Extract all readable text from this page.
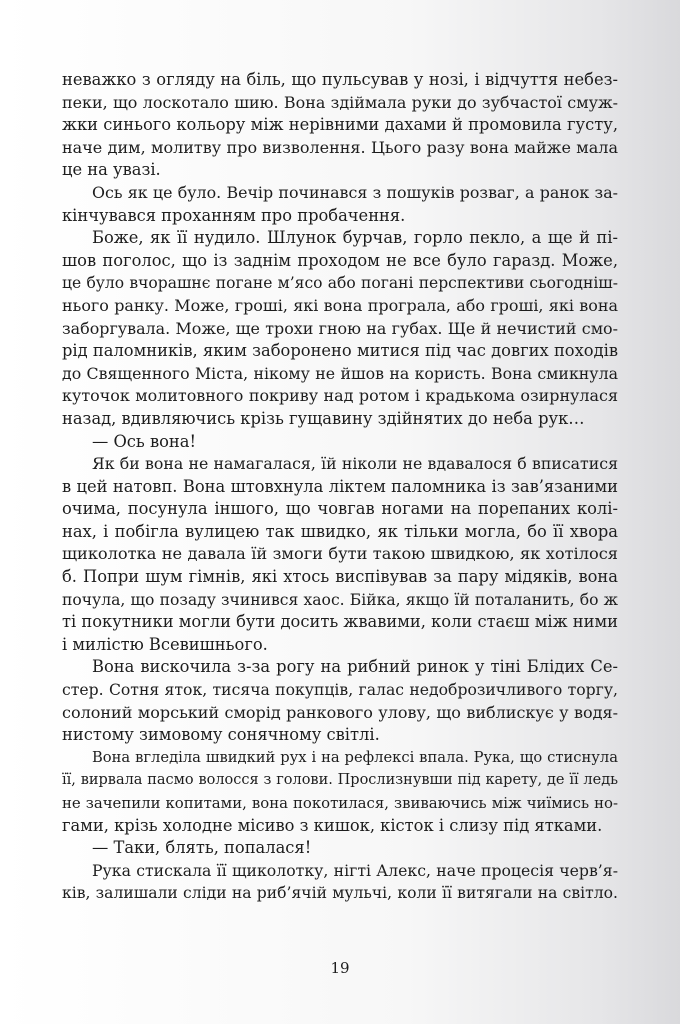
неважко з огляду на біль, що пульсував у нозі, і відчуття небез-
пеки, що лоскотало шию. Вона здіймала руки до зубчастої смуж-
жки синього кольору між нерівними дахами й промовила густу,
наче дим, молитву про визволення. Цього разу вона майже мала
це на увазі.
Ось як це було. Вечір починався з пошуків розваг, а ранок за-
кінчувався проханням про пробачення.
Боже, як її нудило. Шлунок бурчав, горло пекло, а ще й пі-
шов поголос, що із заднім проходом не все було гаразд. Може,
це було вчорашнє погане м’ясо або погані перспективи сьогодніш-
нього ранку. Може, гроші, які вона програла, або гроші, які вона
заборгувала. Може, ще трохи гною на губах. Ще й нечистий смо-
рід паломників, яким заборонено митися під час довгих походів
до Священного Міста, нікому не йшов на користь. Вона смикнула
куточок молитовного покриву над ротом і крадькома озирнулася
назад, вдивляючись крізь гущавину здійнятих до неба рук…
— Ось вона!
Як би вона не намагалася, їй ніколи не вдавалося б вписатися
в цей натовп. Вона штовхнула ліктем паломника із зав’язаними
очима, посунула іншого, що човгав ногами на порепаних колі-
нах, і побігла вулицею так швидко, як тільки могла, бо її хвора
щиколотка не давала їй змоги бути такою швидкою, як хотілося
б. Попри шум гімнів, які хтось виспівував за пару мідяків, вона
почула, що позаду зчинився хаос. Бійка, якщо їй поталанить, бо ж
ті покутники могли бути досить жвавими, коли стаєш між ними
і милістю Всевишнього.
Вона вискочила з-за рогу на рибний ринок у тіні Блідих Се-
стер. Сотня яток, тисяча покупців, галас недоброзичливого торгу,
солоний морський сморід ранкового улову, що виблискує у водя-
нистому зимовому сонячному світлі.
Вона вгледіла швидкий рух і на рефлексі впала. Рука, що стиснула
її, вирвала пасмо волосся з голови. Прослизнувши під карету, де її ледь
не зачепили копитами, вона покотилася, звиваючись між чиїмись но-
гами, крізь холодне місиво з кишок, кісток і слизу під ятками.
— Таки, блять, попалася!
Рука стискала її щиколотку, нігті Алекс, наче процесія черв’я-
ків, залишали сліди на риб’ячій мульчі, коли її витягали на світло.
19
